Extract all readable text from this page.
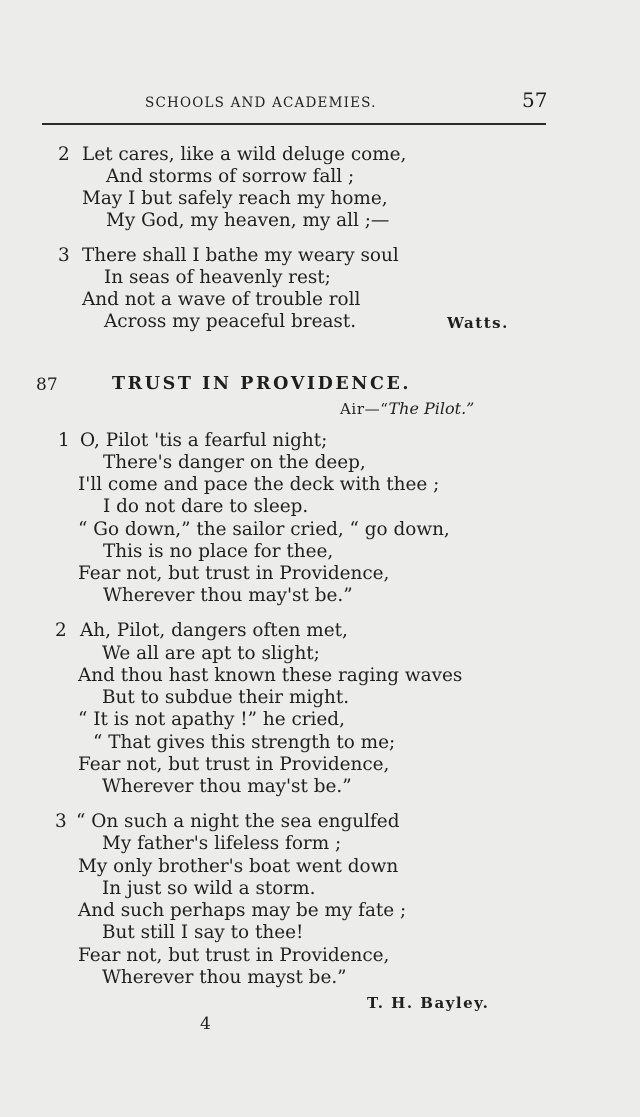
SCHOOLS AND ACADEMIES.	57
2 Let cares, like a wild deluge come,
And storms of sorrow fall ;
May I but safely reach my home,
My God, my heaven, my all ;—
3 There shall I bathe my weary soul
In seas of heavenly rest;
And not a wave of trouble roll
Across my peaceful breast.	Watts.
87	TRUST IN PROVIDENCE.
Air—“The Pilot.”
1 O, Pilot 'tis a fearful night;
There's danger on the deep,
I'll come and pace the deck with thee ;
I do not dare to sleep.
“ Go down,” the sailor cried, “ go down,
This is no place for thee,
Fear not, but trust in Providence,
Wherever thou may'st be.”
2 Ah, Pilot, dangers often met,
We all are apt to slight;
And thou hast known these raging waves
But to subdue their might.
“ It is not apathy !” he cried,
“ That gives this strength to me;
Fear not, but trust in Providence,
Wherever thou may'st be.”
3 “ On such a night the sea engulfed
My father's lifeless form ;
My only brother's boat went down
In just so wild a storm.
And such perhaps may be my fate ;
But still I say to thee!
Fear not, but trust in Providence,
Wherever thou mayst be.”
T. H. Bayley.
4
